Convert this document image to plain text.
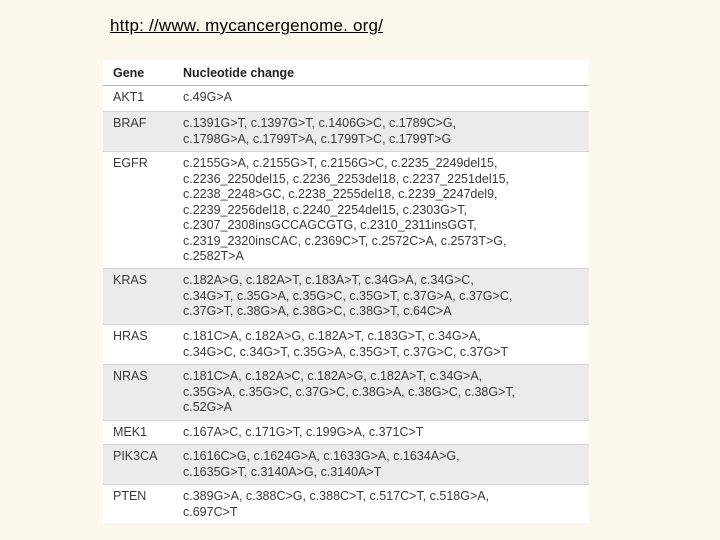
http: //www. mycancergenome. org/
Gene	Nucleotide change
AKT1	c.49G>A
BRAF	c.1391G>T, c.1397G>T, c.1406G>C, c.1789C>G,
c.1798G>A, c.1799T>A, c.1799T>C, c.1799T>G
EGFR	c.2155G>A, c.2155G>T, c.2156G>C, c.2235_2249del15,
c.2236_2250del15, c.2236_2253del18, c.2237_2251del15,
c.2238_2248>GC, c.2238_2255del18, c.2239_2247del9,
c.2239_2256del18, c.2240_2254del15, c.2303G>T,
c.2307_2308insGCCAGCGTG, c.2310_2311insGGT,
c.2319_2320insCAC, c.2369C>T, c.2572C>A, c.2573T>G,
c.2582T>A
KRAS	c.182A>G, c.182A>T, c.183A>T, c.34G>A, c.34G>C,
c.34G>T, c.35G>A, c.35G>C, c.35G>T, c.37G>A, c.37G>C,
c.37G>T, c.38G>A, c.38G>C, c.38G>T, c.64C>A
HRAS	c.181C>A, c.182A>G, c.182A>T, c.183G>T, c.34G>A,
c.34G>C, c.34G>T, c.35G>A, c.35G>T, c.37G>C, c.37G>T
NRAS	c.181C>A, c.182A>C, c.182A>G, c.182A>T, c.34G>A,
c.35G>A, c.35G>C, c.37G>C, c.38G>A, c.38G>C, c.38G>T,
c.52G>A
MEK1	c.167A>C, c.171G>T, c.199G>A, c.371C>T
PIK3CA	c.1616C>G, c.1624G>A, c.1633G>A, c.1634A>G,
c.1635G>T, c.3140A>G, c.3140A>T
PTEN	c.389G>A, c.388C>G, c.388C>T, c.517C>T, c.518G>A,
c.697C>T
